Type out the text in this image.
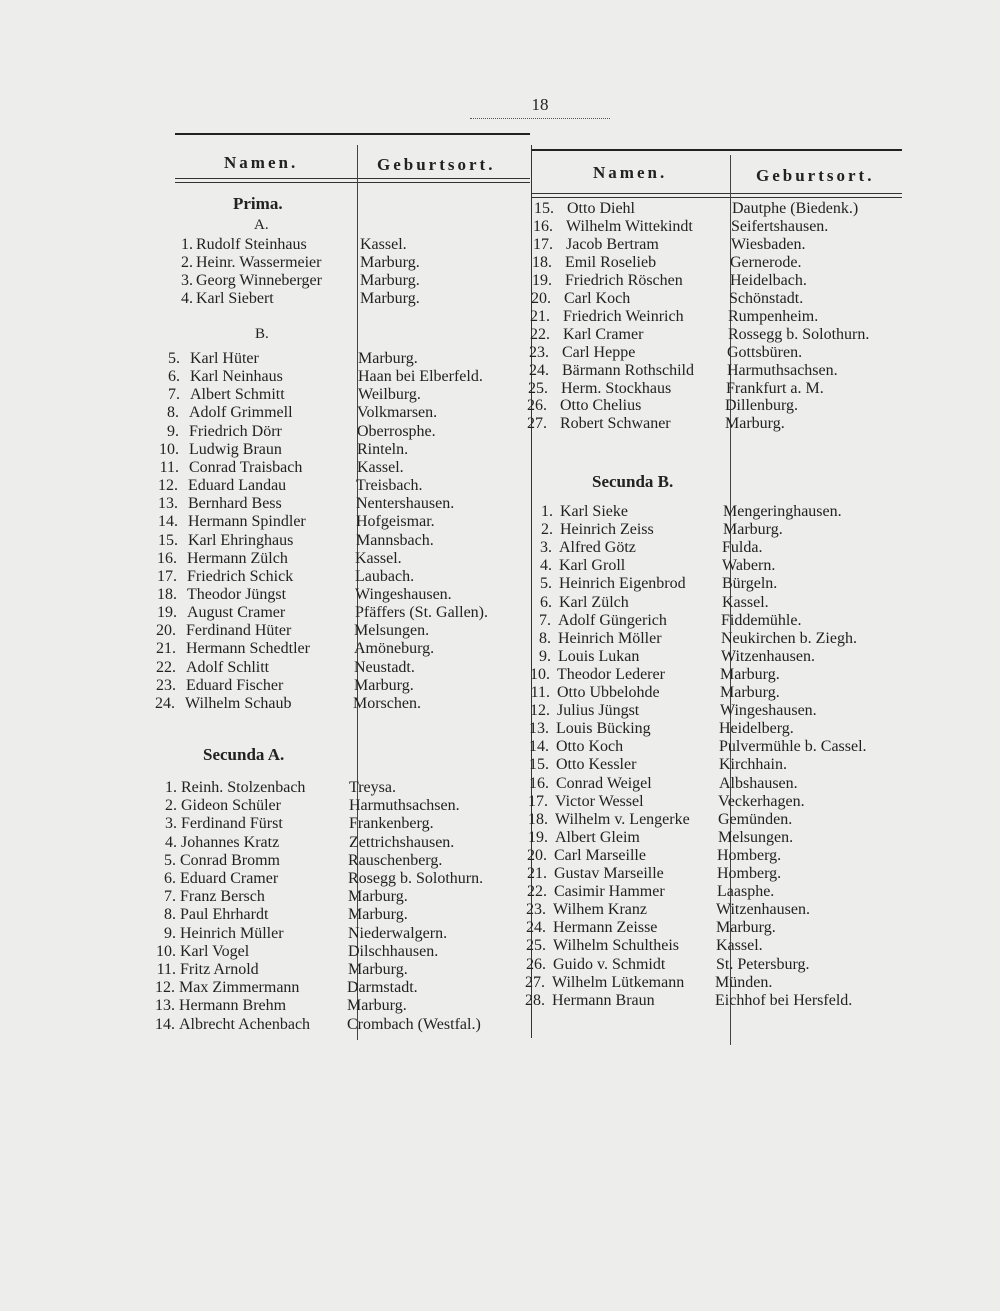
18
Namen.	Geburtsort.	Namen.	Geburtsort.
Prima.
A.
B.
Secunda A.
Secunda B.
1. Rudolf Steinhaus	Kassel.
2. Heinr. Wassermeier Marburg.
3. Georg Winneberger Marburg.
4. Karl Siebert	Marburg.
5. Karl Hüter	Marburg.
6. Karl Neinhaus	Haan bei Elberfeld.
7. Albert Schmitt	Weilburg.
8. Adolf Grimmell	Volkmarsen.
9. Friedrich Dörr	Oberrosphe.
10. Ludwig Braun	Rinteln.
11. Conrad Traisbach	Kassel.
12. Eduard Landau	Treisbach.
13. Bernhard Bess	Nentershausen.
14. Hermann Spindler	Hofgeismar.
15. Karl Ehringhaus	Mannsbach.
16. Hermann Zülch	Kassel.
17. Friedrich Schick	Laubach.
18. Theodor Jüngst	Wingeshausen.
19. August Cramer	Pfäffers (St. Gallen).
20. Ferdinand Hüter	Melsungen.
21. Hermann Schedtler	Amöneburg.
22. Adolf Schlitt	Neustadt.
23. Eduard Fischer	Marburg.
24. Wilhelm Schaub	Morschen.
1. Reinh. Stolzenbach	Treysa.
2. Gideon Schüler	Harmuthsachsen.
3. Ferdinand Fürst	Frankenberg.
4. Johannes Kratz	Zettrichshausen.
5. Conrad Bromm	Rauschenberg.
6. Eduard Cramer	Rosegg b. Solothurn.
7. Franz Bersch	Marburg.
8. Paul Ehrhardt	Marburg.
9. Heinrich Müller	Niederwalgern.
10. Karl Vogel	Dilschhausen.
11. Fritz Arnold	Marburg.
12. Max Zimmermann	Darmstadt.
13. Hermann Brehm	Marburg.
14. Albrecht Achenbach Crombach (Westfal.)
15. Otto Diehl	Dautphe (Biedenk.)
16. Wilhelm Wittekindt Seifertshausen.
17. Jacob Bertram	Wiesbaden.
18. Emil Roselieb	Gernerode.
19. Friedrich Röschen	Heidelbach.
20. Carl Koch	Schönstadt.
21. Friedrich Weinrich	Rumpenheim.
22. Karl Cramer	Rossegg b. Solothurn.
23. Carl Heppe	Gottsbüren.
24. Bärmann Rothschild Harmuthsachsen.
25. Herm. Stockhaus	Frankfurt a. M.
26. Otto Chelius	Dillenburg.
27. Robert Schwaner	Marburg.
1. Karl Sieke	Mengeringhausen.
2. Heinrich Zeiss	Marburg.
3. Alfred Götz	Fulda.
4. Karl Groll	Wabern.
5. Heinrich Eigenbrod Bürgeln.
6. Karl Zülch	Kassel.
7. Adolf Güngerich	Fiddemühle.
8. Heinrich Möller	Neukirchen b. Ziegh.
9. Louis Lukan	Witzenhausen.
10. Theodor Lederer	Marburg.
11. Otto Ubbelohde	Marburg.
12. Julius Jüngst	Wingeshausen.
13. Louis Bücking	Heidelberg.
14. Otto Koch	Pulvermühle b. Cassel.
15. Otto Kessler	Kirchhain.
16. Conrad Weigel	Albshausen.
17. Victor Wessel	Veckerhagen.
18. Wilhelm v. Lengerke Gemünden.
19. Albert Gleim	Melsungen.
20. Carl Marseille	Homberg.
21. Gustav Marseille	Homberg.
22. Casimir Hammer	Laasphe.
23. Wilhem Kranz	Witzenhausen.
24. Hermann Zeisse	Marburg.
25. Wilhelm Schultheis Kassel.
26. Guido v. Schmidt	St. Petersburg.
27. Wilhelm Lütkemann Münden.
28. Hermann Braun	Eichhof bei Hersfeld.
